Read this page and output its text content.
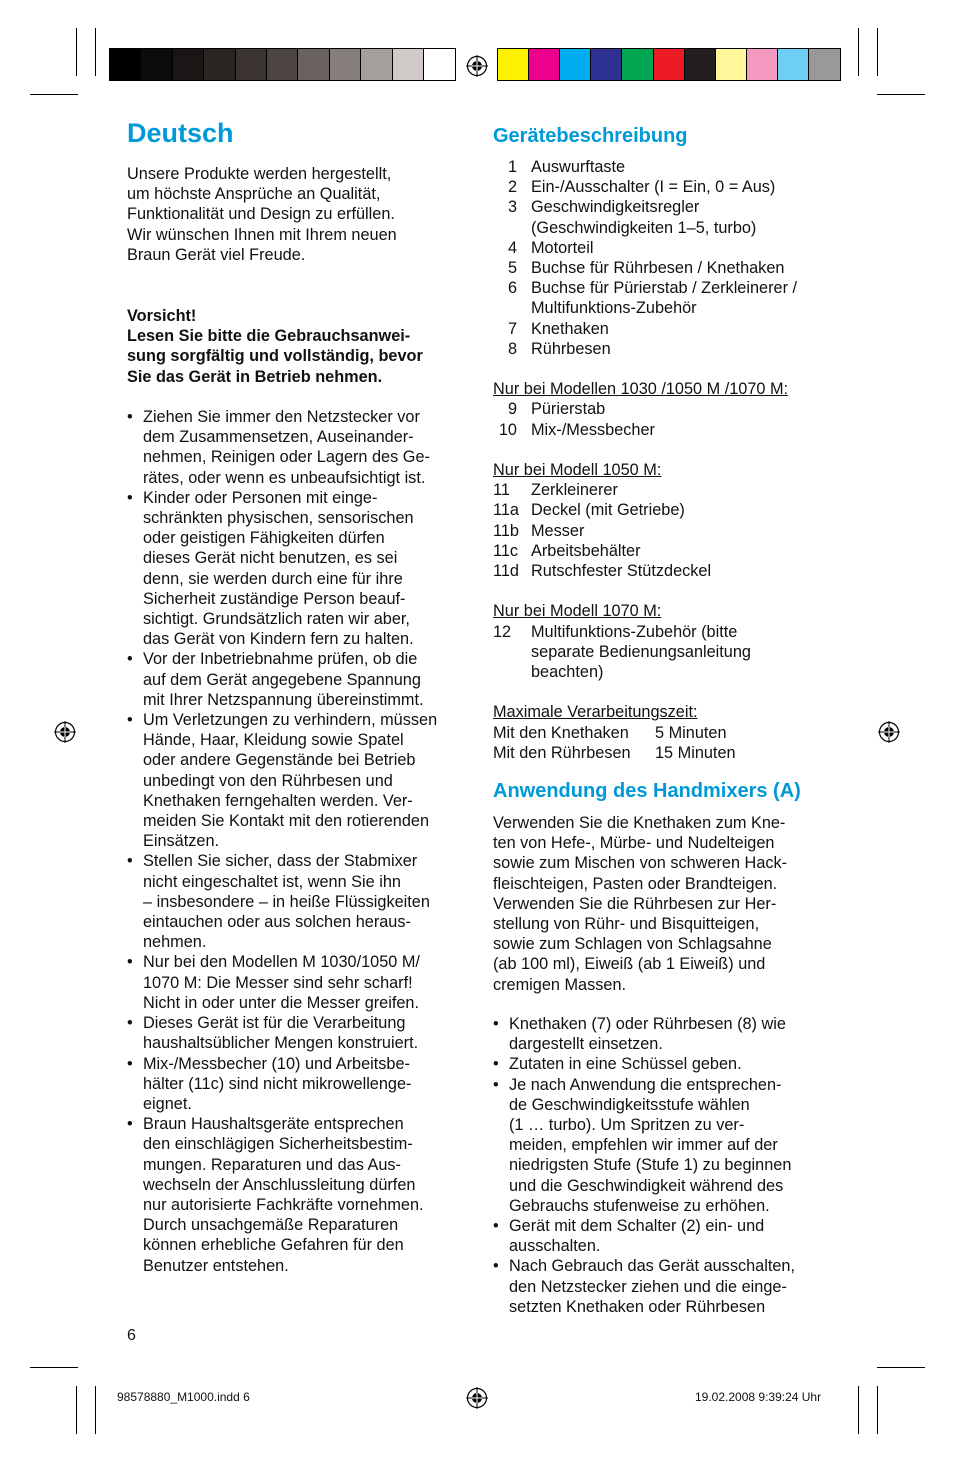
Deutsch
Unsere Produkte werden hergestellt,
um höchste Ansprüche an Qualität,
Funktionalität und Design zu erfüllen.
Wir wünschen Ihnen mit Ihrem neuen
Braun Gerät viel Freude.
Vorsicht!
Lesen Sie bitte die Gebrauchsanwei-
sung sorgfältig und vollständig, bevor
Sie das Gerät in Betrieb nehmen.
• Ziehen Sie immer den Netzstecker vor
dem Zusammensetzen, Auseinander-
nehmen, Reinigen oder Lagern des Ge-
rätes, oder wenn es unbeaufsichtigt ist.
• Kinder oder Personen mit einge-
schränkten physischen, sensorischen
oder geistigen Fähigkeiten dürfen
dieses Gerät nicht benutzen, es sei
denn, sie werden durch eine für ihre
Sicherheit zuständige Person beauf-
sichtigt. Grundsätzlich raten wir aber,
das Gerät von Kindern fern zu halten.
• Vor der Inbetriebnahme prüfen, ob die
auf dem Gerät angegebene Spannung
mit Ihrer Netzspannung übereinstimmt.
• Um Verletzungen zu verhindern, müssen
Hände, Haar, Kleidung sowie Spatel
oder andere Gegenstände bei Betrieb
unbedingt von den Rührbesen und
Knethaken ferngehalten werden. Ver-
meiden Sie Kontakt mit den rotierenden
Einsätzen.
• Stellen Sie sicher, dass der Stabmixer
nicht eingeschaltet ist, wenn Sie ihn
– insbesondere – in heiße Flüssigkeiten
eintauchen oder aus solchen heraus-
nehmen.
• Nur bei den Modellen M 1030/1050 M/
1070 M: Die Messer sind sehr scharf!
Nicht in oder unter die Messer greifen.
• Dieses Gerät ist für die Verarbeitung
haushaltsüblicher Mengen konstruiert.
• Mix-/Messbecher (10) und Arbeitsbe-
hälter (11c) sind nicht mikrowellenge-
eignet.
• Braun Haushaltsgeräte entsprechen
den einschlägigen Sicherheitsbestim-
mungen. Reparaturen und das Aus-
wechseln der Anschlussleitung dürfen
nur autorisierte Fachkräfte vornehmen.
Durch unsachgemäße Reparaturen
können erhebliche Gefahren für den
Benutzer entstehen.
6
Gerätebeschreibung
1 Auswurftaste
2 Ein-/Ausschalter (I = Ein, 0 = Aus)
3 Geschwindigkeitsregler
(Geschwindigkeiten 1–5, turbo)
4 Motorteil
5 Buchse für Rührbesen / Knethaken
6 Buchse für Pürierstab / Zerkleinerer /
Multifunktions-Zubehör
7 Knethaken
8 Rührbesen
Nur bei Modellen 1030 /1050 M /1070 M:
9 Pürierstab
10 Mix-/Messbecher
Nur bei Modell 1050 M:
11	Zerkleinerer
11a Deckel (mit Getriebe)
11b Messer
11c Arbeitsbehälter
11d Rutschfester Stützdeckel
Nur bei Modell 1070 M:
12	Multifunktions-Zubehör (bitte
separate Bedienungsanleitung
beachten)
Maximale Verarbeitungszeit:
Mit den Knethaken	5 Minuten
Mit den Rührbesen	15 Minuten
Anwendung des Handmixers (A)
Verwenden Sie die Knethaken zum Kne-
ten von Hefe-, Mürbe- und Nudelteigen
sowie zum Mischen von schweren Hack-
fleischteigen, Pasten oder Brandteigen.
Verwenden Sie die Rührbesen zur Her-
stellung von Rühr- und Bisquitteigen,
sowie zum Schlagen von Schlagsahne
(ab 100 ml), Eiweiß (ab 1 Eiweiß) und
cremigen Massen.
• Knethaken (7) oder Rührbesen (8) wie
dargestellt einsetzen.
• Zutaten in eine Schüssel geben.
• Je nach Anwendung die entsprechen-
de Geschwindigkeitsstufe wählen
(1 … turbo). Um Spritzen zu ver-
meiden, empfehlen wir immer auf der
niedrigsten Stufe (Stufe 1) zu beginnen
und die Geschwindigkeit während des
Gebrauchs stufenweise zu erhöhen.
• Gerät mit dem Schalter (2) ein- und
ausschalten.
• Nach Gebrauch das Gerät ausschalten,
den Netzstecker ziehen und die einge-
setzten Knethaken oder Rührbesen
98578880_M1000.indd 6	19.02.2008 9:39:24 Uhr
